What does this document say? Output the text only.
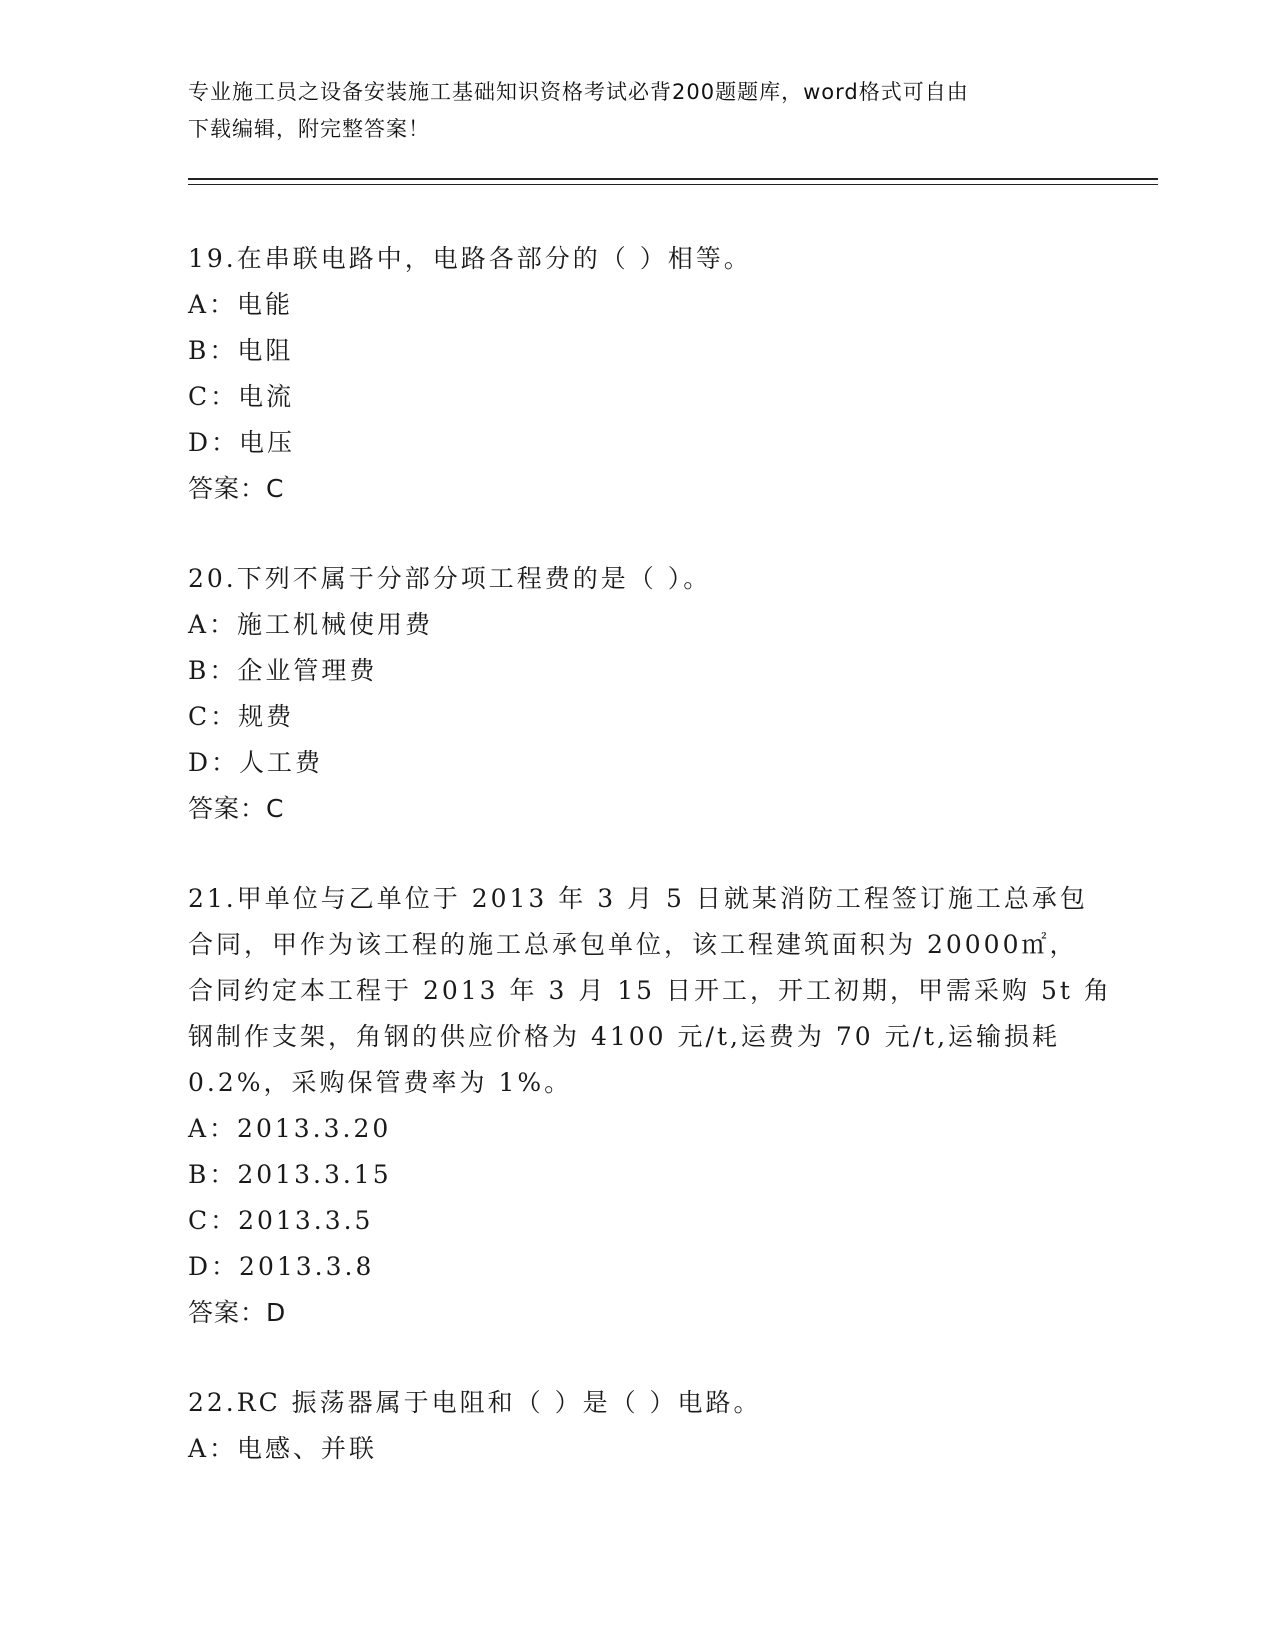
专业施工员之设备安装施工基础知识资格考试必背200题题库，word格式可自由
下载编辑，附完整答案！
19.在串联电路中，电路各部分的（ ）相等。
A：电能
B：电阻
C：电流
D：电压
答案：C
20.下列不属于分部分项工程费的是（ ）。
A：施工机械使用费
B：企业管理费
C：规费
D：人工费
答案：C
21.甲单位与乙单位于 2013 年 3 月 5 日就某消防工程签订施工总承包
合同，甲作为该工程的施工总承包单位，该工程建筑面积为 20000㎡，
合同约定本工程于 2013 年 3 月 15 日开工，开工初期，甲需采购 5t 角
钢制作支架，角钢的供应价格为 4100 元/t,运费为 70 元/t,运输损耗
0.2%，采购保管费率为 1%。
A：2013.3.20
B：2013.3.15
C：2013.3.5
D：2013.3.8
答案：D
22.RC 振荡器属于电阻和（ ）是（ ）电路。
A：电感、并联
